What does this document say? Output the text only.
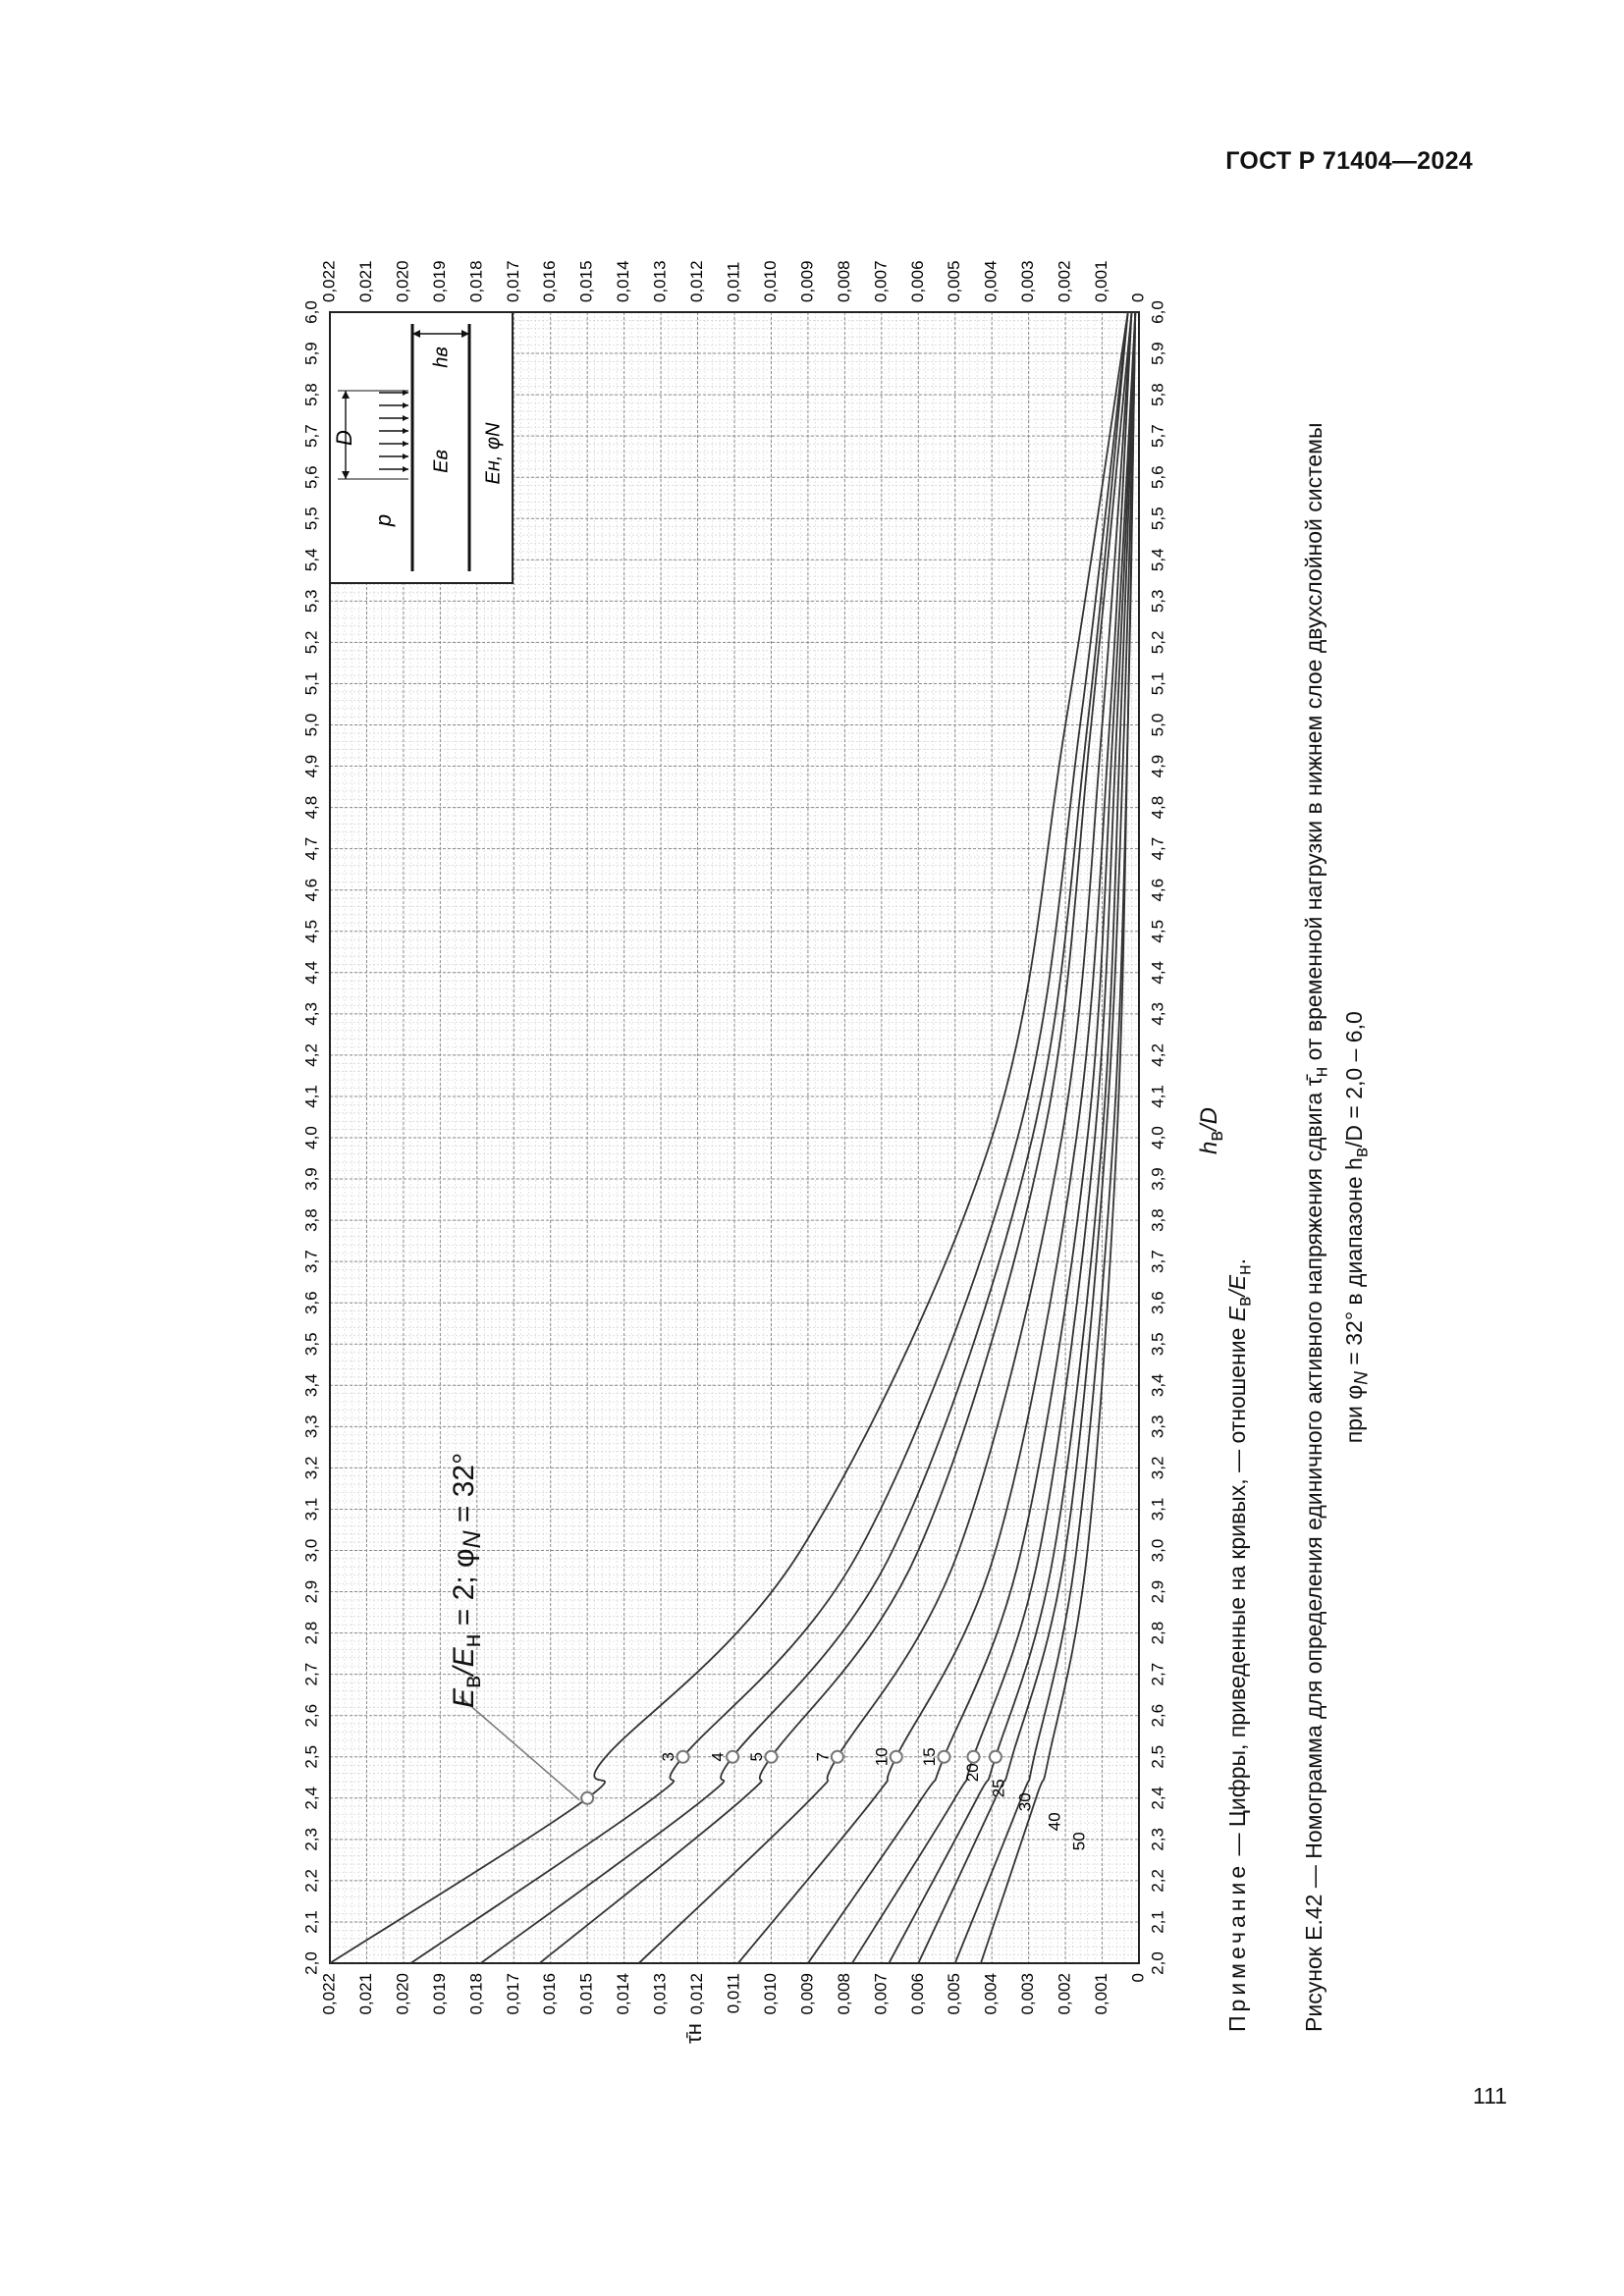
ГОСТ Р 71404—2024
p
D
hв
Eв Eн, φN
3 4 5	7 10 15
20
25
30
40
50
2,0	2,0
2,1	2,1
2,2	2,2
2,3	2,3
2,4	2,4
2,5	2,5
2,6	2,6
2,7	2,7
2,8	2,8
2,9	2,9
3,0	3,0
3,1	3,1
3,2	3,2
3,3	3,3
3,4	3,4
3,5	3,5
3,6	3,6
3,7	3,7
3,8	3,8
3,9	3,9
4,0	4,0
4,1	4,1
4,2	4,2
4,3	4,3
4,4	4,4
4,5	4,5
4,6	4,6
4,7	4,7
4,8	4,8
4,9	4,9
5,0	5,0
5,1	5,1
5,2	5,2
5,3	5,3
5,4	5,4
5,5	5,5
5,6	5,6
5,7	5,7
5,8	5,8
5,9	5,9
6,0	6,0
0
0
0,001
0,001
0,002
0,002
0,003
0,003
0,004
0,004
0,005
0,005
0,006
0,006
0,007
0,007
0,008
0,008
0,009
0,009
0,010
0,010
0,011
0,011
0,012
0,012
0,013
0,013
0,014
0,014
0,015
0,015
0,016
0,016
0,017
0,017
0,018
0,018
0,019
0,019
0,020
0,020
0,021
0,021
0,022
0,022
$E_в/E_н = 2$; $\varphi_N = 32^\circ$
$h_в/D$
τ̄н
Примечание — Цифры, приведенные на кривых, — отношение $E_в/E_н$.	Рисунок Е.42 — Номограмма для определения единичного активного напряжения сдвига $\taū_н$ от временной нагрузки в нижнем слое двухслойной системы
при $\varphi_N = 32^\circ$ в диапазоне $h_в/D = 2,0 - 6,0$
111
